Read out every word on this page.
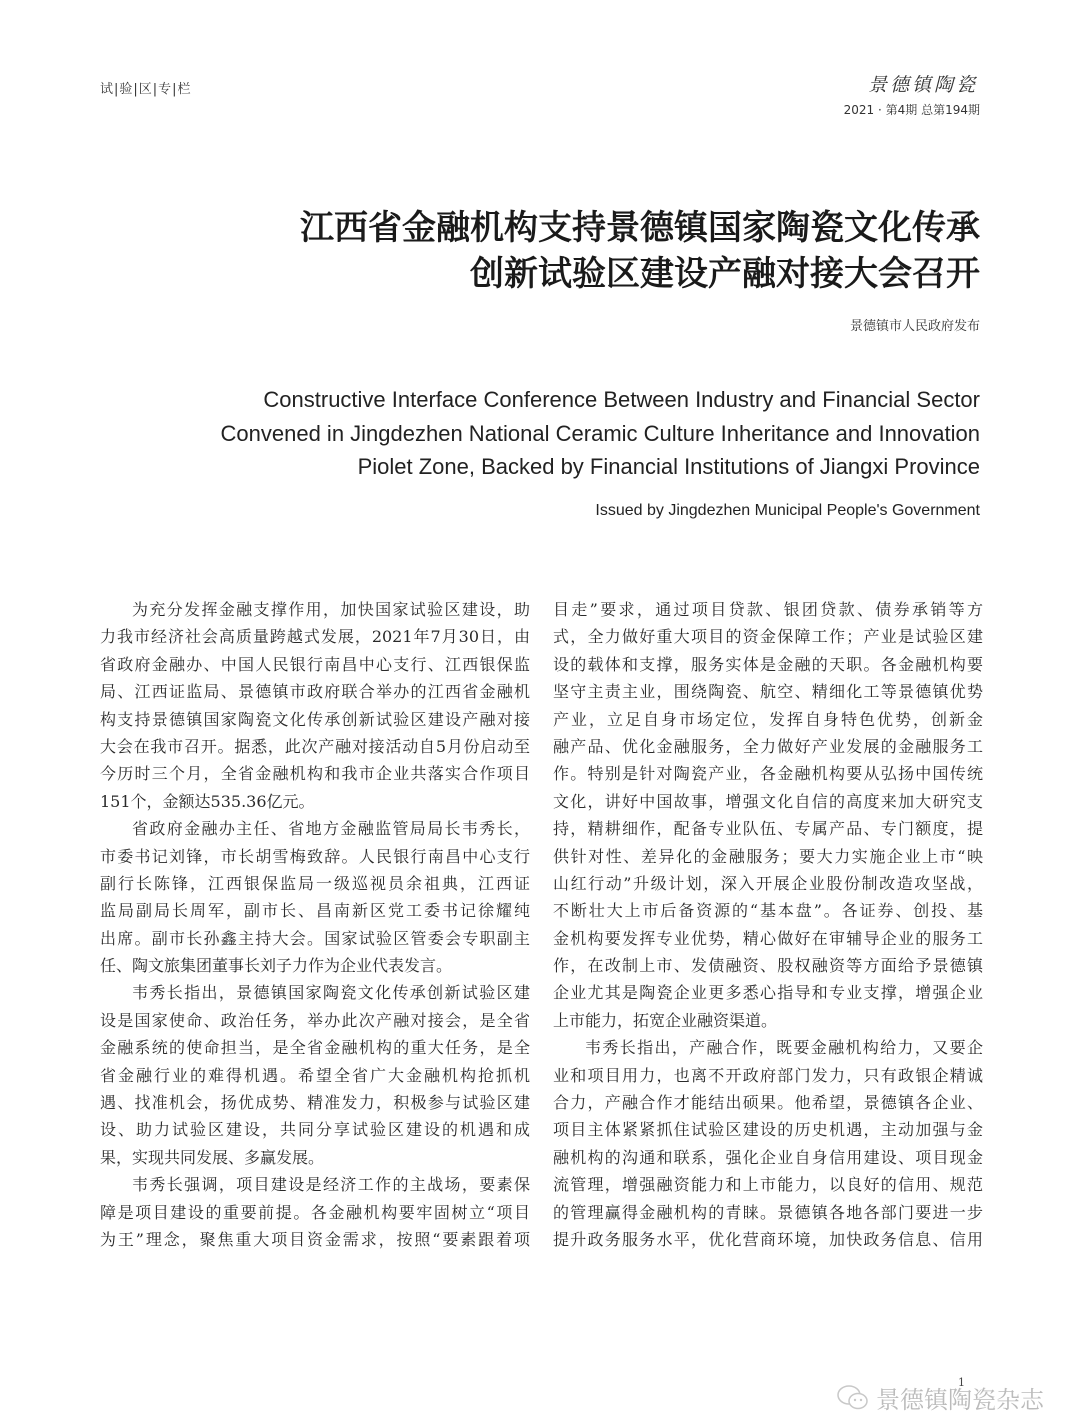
试|验|区|专|栏	景德镇陶瓷
2021 · 第4期 总第194期
江西省金融机构支持景德镇国家陶瓷文化传承
创新试验区建设产融对接大会召开
景德镇市人民政府发布
Constructive Interface Conference Between Industry and Financial Sector
Convened in Jingdezhen National Ceramic Culture Inheritance and Innovation
Piolet Zone, Backed by Financial Institutions of Jiangxi Province
Issued by Jingdezhen Municipal People's Government
为充分发挥金融支撑作用，加快国家试验区建设，助
力我市经济社会高质量跨越式发展，2021年7月30日，由
省政府金融办、中国人民银行南昌中心支行、江西银保监
局、江西证监局、景德镇市政府联合举办的江西省金融机
构支持景德镇国家陶瓷文化传承创新试验区建设产融对接
大会在我市召开。据悉，此次产融对接活动自5月份启动至
今历时三个月，全省金融机构和我市企业共落实合作项目
151个，金额达535.36亿元。
省政府金融办主任、省地方金融监管局局长韦秀长，
市委书记刘锋，市长胡雪梅致辞。人民银行南昌中心支行
副行长陈锋，江西银保监局一级巡视员余祖典，江西证
监局副局长周军，副市长、昌南新区党工委书记徐耀纯
出席。副市长孙鑫主持大会。国家试验区管委会专职副主
任、陶文旅集团董事长刘子力作为企业代表发言。
韦秀长指出，景德镇国家陶瓷文化传承创新试验区建
设是国家使命、政治任务，举办此次产融对接会，是全省
金融系统的使命担当，是全省金融机构的重大任务，是全
省金融行业的难得机遇。希望全省广大金融机构抢抓机
遇、找准机会，扬优成势、精准发力，积极参与试验区建
设、助力试验区建设，共同分享试验区建设的机遇和成
果，实现共同发展、多赢发展。
韦秀长强调，项目建设是经济工作的主战场，要素保
障是项目建设的重要前提。各金融机构要牢固树立“项目
为王”理念，聚焦重大项目资金需求，按照“要素跟着项
目走”要求，通过项目贷款、银团贷款、债券承销等方
式，全力做好重大项目的资金保障工作；产业是试验区建
设的载体和支撑，服务实体是金融的天职。各金融机构要
坚守主责主业，围绕陶瓷、航空、精细化工等景德镇优势
产业，立足自身市场定位，发挥自身特色优势，创新金
融产品、优化金融服务，全力做好产业发展的金融服务工
作。特别是针对陶瓷产业，各金融机构要从弘扬中国传统
文化，讲好中国故事，增强文化自信的高度来加大研究支
持，精耕细作，配备专业队伍、专属产品、专门额度，提
供针对性、差异化的金融服务；要大力实施企业上市“映
山红行动”升级计划，深入开展企业股份制改造攻坚战，
不断壮大上市后备资源的“基本盘”。各证券、创投、基
金机构要发挥专业优势，精心做好在审辅导企业的服务工
作，在改制上市、发债融资、股权融资等方面给予景德镇
企业尤其是陶瓷企业更多悉心指导和专业支撑，增强企业
上市能力，拓宽企业融资渠道。
韦秀长指出，产融合作，既要金融机构给力，又要企
业和项目用力，也离不开政府部门发力，只有政银企精诚
合力，产融合作才能结出硕果。他希望，景德镇各企业、
项目主体紧紧抓住试验区建设的历史机遇，主动加强与金
融机构的沟通和联系，强化企业自身信用建设、项目现金
流管理，增强融资能力和上市能力，以良好的信用、规范
的管理赢得金融机构的青睐。景德镇各地各部门要进一步
提升政务服务水平，优化营商环境，加快政务信息、信用
1
景德镇陶瓷杂志
